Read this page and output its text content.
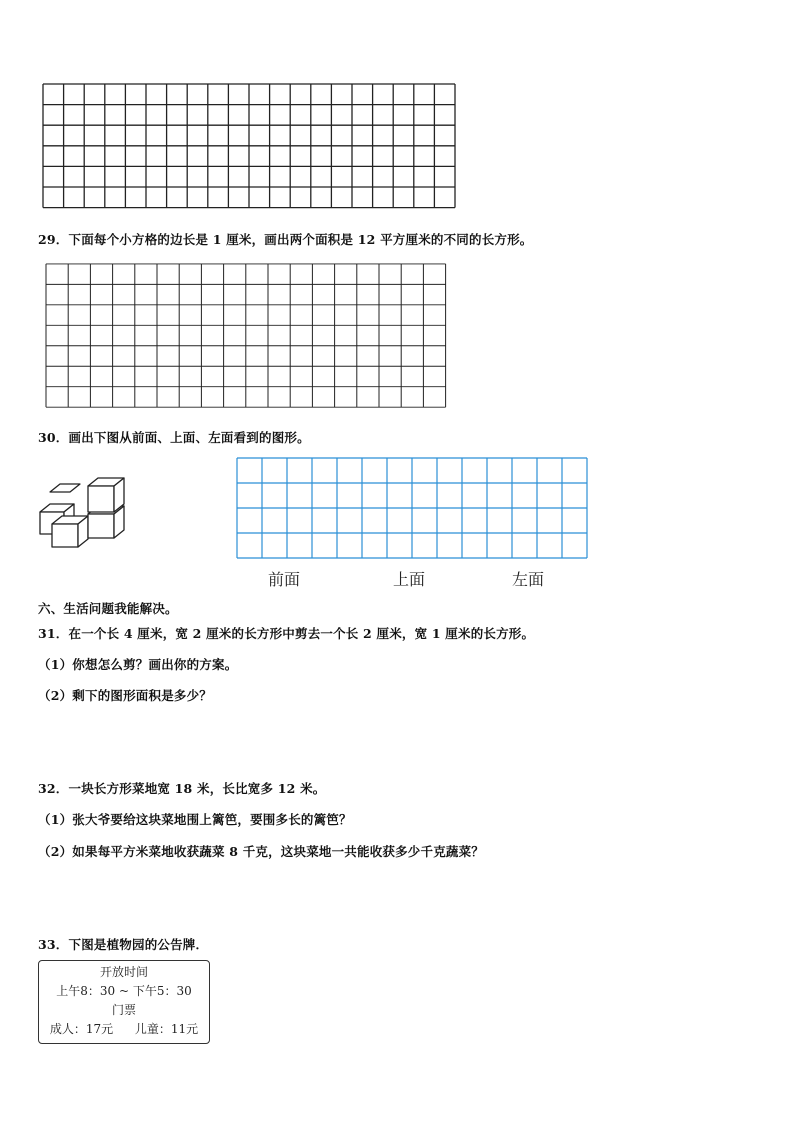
29．下面每个小方格的边长是 1 厘米，画出两个面积是 12 平方厘米的不同的长方形。
30．画出下图从前面、上面、左面看到的图形。
前面	上面	左面
六、生活问题我能解决。
31．在一个长 4 厘米，宽 2 厘米的长方形中剪去一个长 2 厘米，宽 1 厘米的长方形。
（1）你想怎么剪？画出你的方案。
（2）剩下的图形面积是多少？
32．一块长方形菜地宽 18 米，长比宽多 12 米。
（1）张大爷要给这块菜地围上篱笆，要围多长的篱笆？
（2）如果每平方米菜地收获蔬菜 8 千克，这块菜地一共能收获多少千克蔬菜？
33．下图是植物园的公告牌．
开放时间
上午8：30 ~ 下午5：30
门票
成人：17元 儿童：11元
